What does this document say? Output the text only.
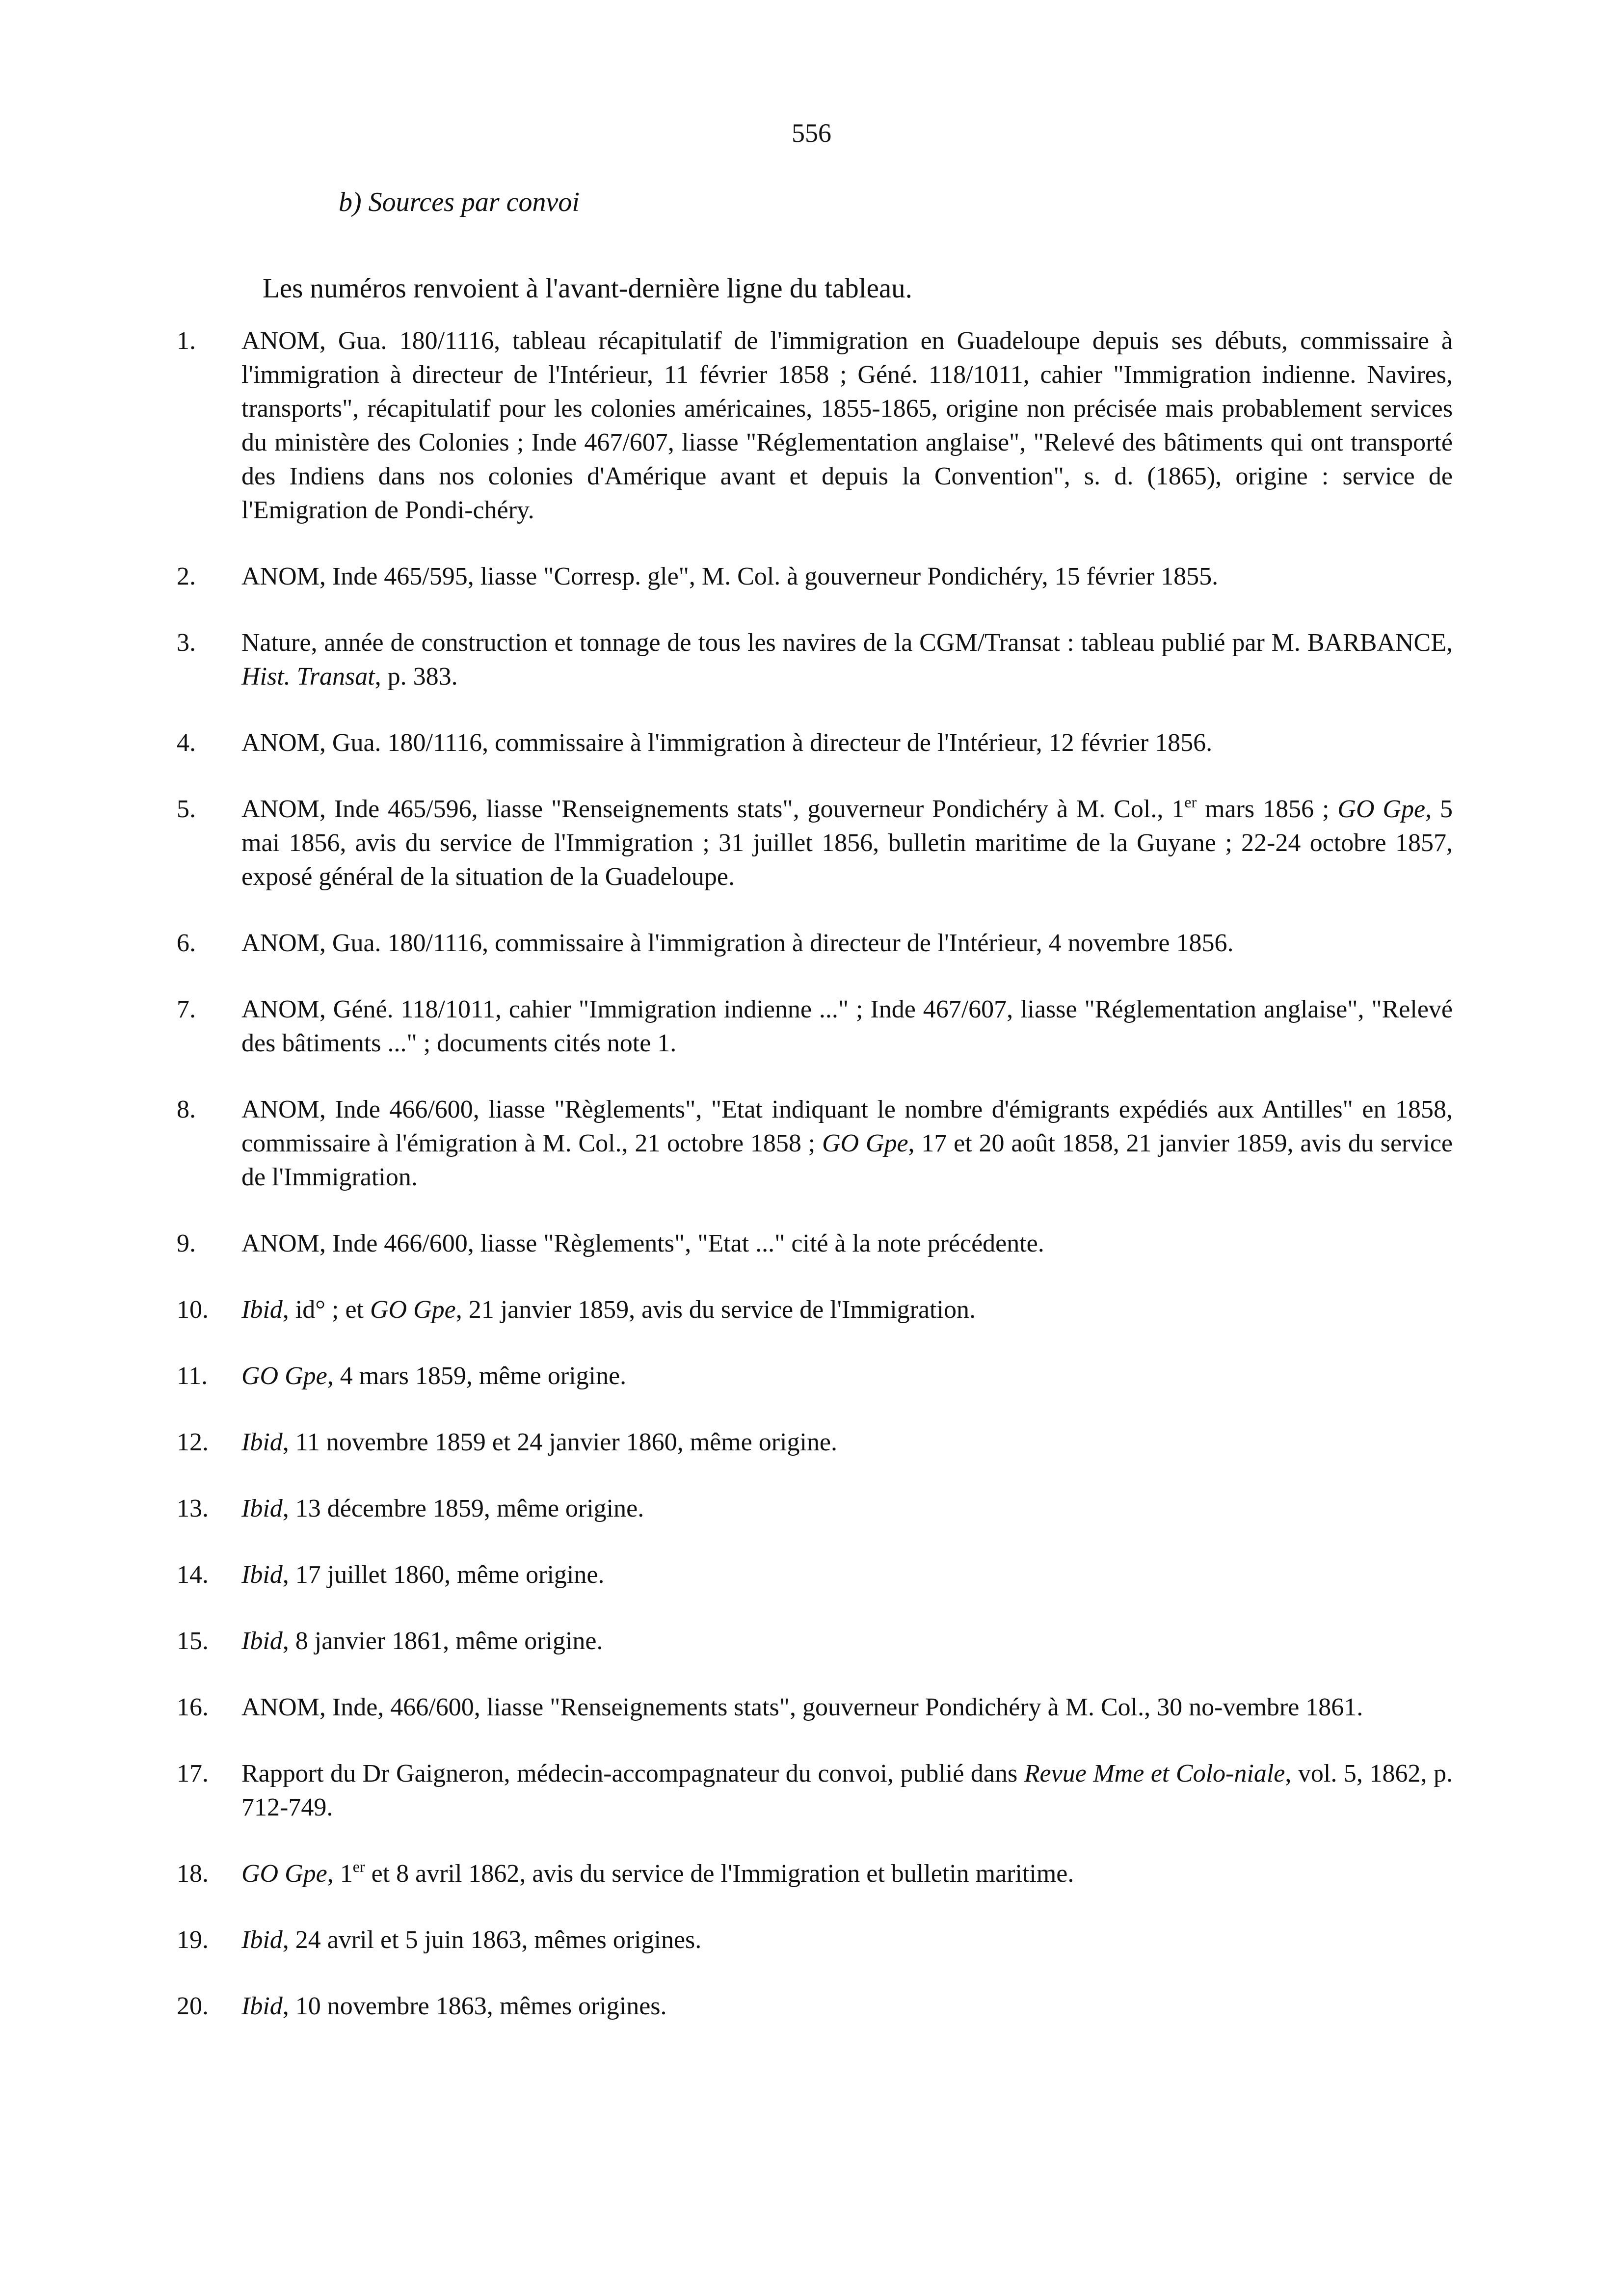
556
b) Sources par convoi
Les numéros renvoient à l'avant-dernière ligne du tableau.
1.	ANOM, Gua. 180/1116, tableau récapitulatif de l'immigration en Guadeloupe depuis ses débuts, commissaire à l'immigration à directeur de l'Intérieur, 11 février 1858 ; Géné. 118/1011, cahier "Immigration indienne. Navires, transports", récapitulatif pour les colonies américaines, 1855-1865, origine non précisée mais probablement services du ministère des Colonies ; Inde 467/607, liasse "Réglementation anglaise", "Relevé des bâtiments qui ont transporté des Indiens dans nos colonies d'Amérique avant et depuis la Convention", s. d. (1865), origine : service de l'Emigration de Pondi-chéry.
2.	ANOM, Inde 465/595, liasse "Corresp. gle", M. Col. à gouverneur Pondichéry, 15 février 1855.
3.	Nature, année de construction et tonnage de tous les navires de la CGM/Transat : tableau publié par M. BARBANCE, Hist. Transat, p. 383.
4.	ANOM, Gua. 180/1116, commissaire à l'immigration à directeur de l'Intérieur, 12 février 1856.
5.	ANOM, Inde 465/596, liasse "Renseignements stats", gouverneur Pondichéry à M. Col., 1er mars 1856 ; GO Gpe, 5 mai 1856, avis du service de l'Immigration ; 31 juillet 1856, bulletin maritime de la Guyane ; 22-24 octobre 1857, exposé général de la situation de la Guadeloupe.
6.	ANOM, Gua. 180/1116, commissaire à l'immigration à directeur de l'Intérieur, 4 novembre 1856.
7.	ANOM, Géné. 118/1011, cahier "Immigration indienne ..." ; Inde 467/607, liasse "Réglementation anglaise", "Relevé des bâtiments ..." ; documents cités note 1.
8.	ANOM, Inde 466/600, liasse "Règlements", "Etat indiquant le nombre d'émigrants expédiés aux Antilles" en 1858, commissaire à l'émigration à M. Col., 21 octobre 1858 ; GO Gpe, 17 et 20 août 1858, 21 janvier 1859, avis du service de l'Immigration.
9.	ANOM, Inde 466/600, liasse "Règlements", "Etat ..." cité à la note précédente.
10.	Ibid, id° ; et GO Gpe, 21 janvier 1859, avis du service de l'Immigration.
11.	GO Gpe, 4 mars 1859, même origine.
12.	Ibid, 11 novembre 1859 et 24 janvier 1860, même origine.
13.	Ibid, 13 décembre 1859, même origine.
14.	Ibid, 17 juillet 1860, même origine.
15.	Ibid, 8 janvier 1861, même origine.
16.	ANOM, Inde, 466/600, liasse "Renseignements stats", gouverneur Pondichéry à M. Col., 30 no-vembre 1861.
17.	Rapport du Dr Gaigneron, médecin-accompagnateur du convoi, publié dans Revue Mme et Colo-niale, vol. 5, 1862, p. 712-749.
18.	GO Gpe, 1er et 8 avril 1862, avis du service de l'Immigration et bulletin maritime.
19.	Ibid, 24 avril et 5 juin 1863, mêmes origines.
20.	Ibid, 10 novembre 1863, mêmes origines.
